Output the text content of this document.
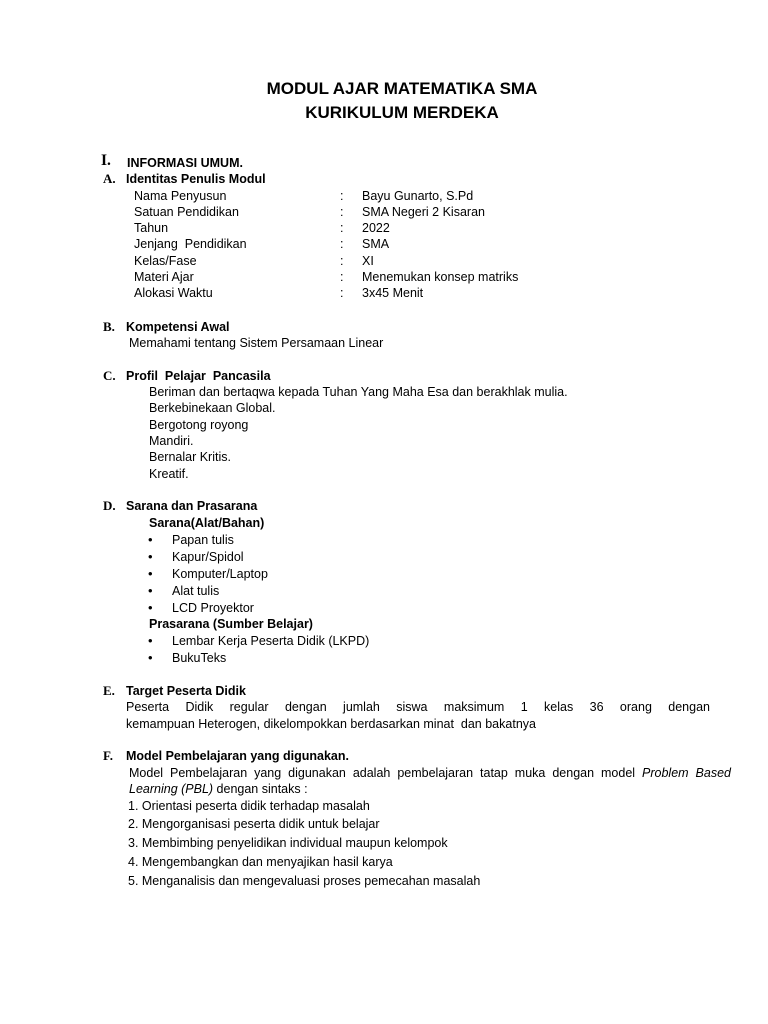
MODUL AJAR MATEMATIKA SMA
KURIKULUM MERDEKA
I. INFORMASI UMUM.
A. Identitas Penulis Modul
Nama Penyusun	: Bayu Gunarto, S.Pd
Satuan Pendidikan	: SMA Negeri 2 Kisaran
Tahun	: 2022
Jenjang  Pendidikan	: SMA
Kelas/Fase	: XI
Materi Ajar	: Menemukan konsep matriks
Alokasi Waktu	: 3x45 Menit
B. Kompetensi Awal
Memahami tentang Sistem Persamaan Linear
C. Profil  Pelajar  Pancasila
Beriman dan bertaqwa kepada Tuhan Yang Maha Esa dan berakhlak mulia.
Berkebinekaan Global.
Bergotong royong
Mandiri.
Bernalar Kritis.
Kreatif.
D. Sarana dan Prasarana
Sarana(Alat/Bahan)
• Papan tulis
• Kapur/Spidol
• Komputer/Laptop
• Alat tulis
• LCD Proyektor
Prasarana (Sumber Belajar)
• Lembar Kerja Peserta Didik (LKPD)
• BukuTeks
E. Target Peserta Didik
Peserta Didik regular dengan jumlah siswa maksimum 1 kelas 36 orang dengan
kemampuan Heterogen, dikelompokkan berdasarkan minat  dan bakatnya
F. Model Pembelajaran yang digunakan.
Model Pembelajaran yang digunakan adalah pembelajaran tatap muka dengan model Problem Based
Learning (PBL) dengan sintaks :
1. Orientasi peserta didik terhadap masalah
2. Mengorganisasi peserta didik untuk belajar
3. Membimbing penyelidikan individual maupun kelompok
4. Mengembangkan dan menyajikan hasil karya
5. Menganalisis dan mengevaluasi proses pemecahan masalah
